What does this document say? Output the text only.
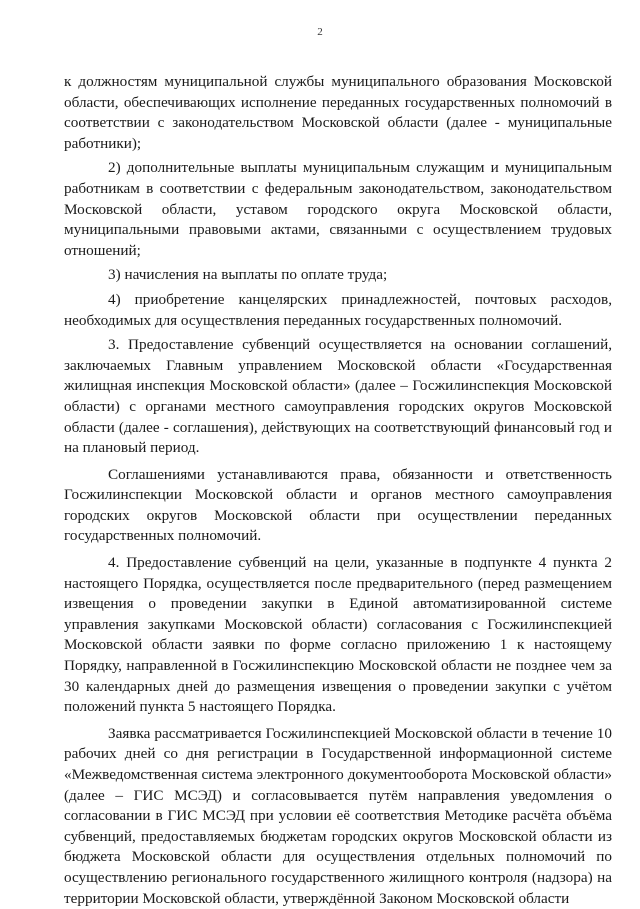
2

к должностям муниципальной службы муниципального образования Московской области, обеспечивающих исполнение переданных государственных полномочий в соответствии с законодательством Московской области (далее - муниципальные работники);

2) дополнительные выплаты муниципальным служащим и муниципальным работникам в соответствии с федеральным законодательством, законодательством Московской области, уставом городского округа Московской области, муниципальными правовыми актами, связанными с осуществлением трудовых отношений;

3) начисления на выплаты по оплате труда;

4) приобретение канцелярских принадлежностей, почтовых расходов, необходимых для осуществления переданных государственных полномочий.

3. Предоставление субвенций осуществляется на основании соглашений, заключаемых Главным управлением Московской области «Государственная жилищная инспекция Московской области» (далее – Госжилинспекция Московской области) с органами местного самоуправления городских округов Московской области (далее - соглашения), действующих на соответствующий финансовый год и на плановый период.

Соглашениями устанавливаются права, обязанности и ответственность Госжилинспекции Московской области и органов местного самоуправления городских округов Московской области при осуществлении переданных государственных полномочий.

4. Предоставление субвенций на цели, указанные в подпункте 4 пункта 2 настоящего Порядка, осуществляется после предварительного (перед размещением извещения о проведении закупки в Единой автоматизированной системе управления закупками Московской области) согласования с Госжилинспекцией Московской области заявки по форме согласно приложению 1 к настоящему Порядку, направленной в Госжилинспекцию Московской области не позднее чем за 30 календарных дней до размещения извещения о проведении закупки с учётом положений пункта 5 настоящего Порядка.

Заявка рассматривается Госжилинспекцией Московской области в течение 10 рабочих дней со дня регистрации в Государственной информационной системе «Межведомственная система электронного документооборота Московской области» (далее – ГИС МСЭД) и согласовывается путём направления уведомления о согласовании в ГИС МСЭД при условии её соответствия Методике расчёта объёма субвенций, предоставляемых бюджетам городских округов Московской области из бюджета Московской области для осуществления отдельных полномочий по осуществлению регионального государственного жилищного контроля (надзора) на территории Московской области, утверждённой Законом Московской области
